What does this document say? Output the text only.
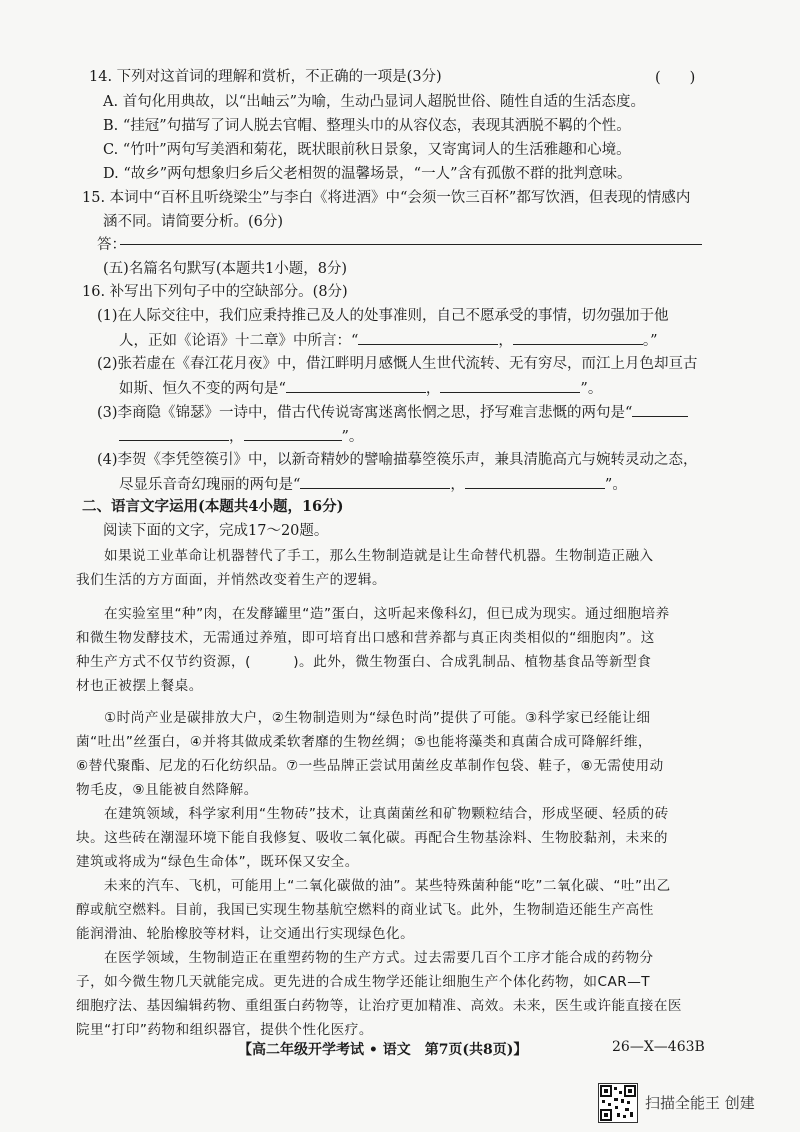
14. 下列对这首词的理解和赏析，不正确的一项是(3分)	(　　)
A. 首句化用典故，以“出岫云”为喻，生动凸显词人超脱世俗、随性自适的生活态度。
B. “挂冠”句描写了词人脱去官帽、整理头巾的从容仪态，表现其洒脱不羁的个性。
C. “竹叶”两句写美酒和菊花，既状眼前秋日景象，又寄寓词人的生活雅趣和心境。
D. “故乡”两句想象归乡后父老相贺的温馨场景，“一人”含有孤傲不群的批判意味。
15. 本词中“百杯且听绕梁尘”与李白《将进酒》中“会须一饮三百杯”都写饮酒，但表现的情感内
涵不同。请简要分析。(6分)
答：
(五)名篇名句默写(本题共1小题，8分)
16. 补写出下列句子中的空缺部分。(8分)
(1)在人际交往中，我们应秉持推己及人的处事准则，自己不愿承受的事情，切勿强加于他
人，正如《论语》十二章》中所言：“	，	。”
(2)张若虚在《春江花月夜》中，借江畔明月感慨人生世代流转、无有穷尽，而江上月色却亘古
如斯、恒久不变的两句是“	，	”。
(3)李商隐《锦瑟》一诗中，借古代传说寄寓迷离怅惘之思，抒写难言悲慨的两句是“
，	”。
(4)李贺《李凭箜篌引》中，以新奇精妙的譬喻描摹箜篌乐声，兼具清脆高亢与婉转灵动之态，
尽显乐音奇幻瑰丽的两句是“	，	”。
二、语言文字运用(本题共4小题，16分)
阅读下面的文字，完成17～20题。
如果说工业革命让机器替代了手工，那么生物制造就是让生命替代机器。生物制造正融入
我们生活的方方面面，并悄然改变着生产的逻辑。
在实验室里“种”肉，在发酵罐里“造”蛋白，这听起来像科幻，但已成为现实。通过细胞培养
和微生物发酵技术，无需通过养殖，即可培育出口感和营养都与真正肉类相似的“细胞肉”。这
种生产方式不仅节约资源，(　　　)。此外，微生物蛋白、合成乳制品、植物基食品等新型食
材也正被摆上餐桌。
①时尚产业是碳排放大户，②生物制造则为“绿色时尚”提供了可能。③科学家已经能让细
菌“吐出”丝蛋白，④并将其做成柔软奢靡的生物丝绸；⑤也能将藻类和真菌合成可降解纤维，
⑥替代聚酯、尼龙的石化纺织品。⑦一些品牌正尝试用菌丝皮革制作包袋、鞋子，⑧无需使用动
物毛皮，⑨且能被自然降解。
在建筑领域，科学家利用“生物砖”技术，让真菌菌丝和矿物颗粒结合，形成坚硬、轻质的砖
块。这些砖在潮湿环境下能自我修复、吸收二氧化碳。再配合生物基涂料、生物胶黏剂，未来的
建筑或将成为“绿色生命体”，既环保又安全。
未来的汽车、飞机，可能用上“二氧化碳做的油”。某些特殊菌种能“吃”二氧化碳、“吐”出乙
醇或航空燃料。目前，我国已实现生物基航空燃料的商业试飞。此外，生物制造还能生产高性
能润滑油、轮胎橡胶等材料，让交通出行实现绿色化。
在医学领域，生物制造正在重塑药物的生产方式。过去需要几百个工序才能合成的药物分
子，如今微生物几天就能完成。更先进的合成生物学还能让细胞生产个体化药物，如CAR—T
细胞疗法、基因编辑药物、重组蛋白药物等，让治疗更加精准、高效。未来，医生或许能直接在医
院里“打印”药物和组织器官，提供个性化医疗。
【高二年级开学考试 • 语文　第7页(共8页)】	26—X—463B
扫描全能王 创建
